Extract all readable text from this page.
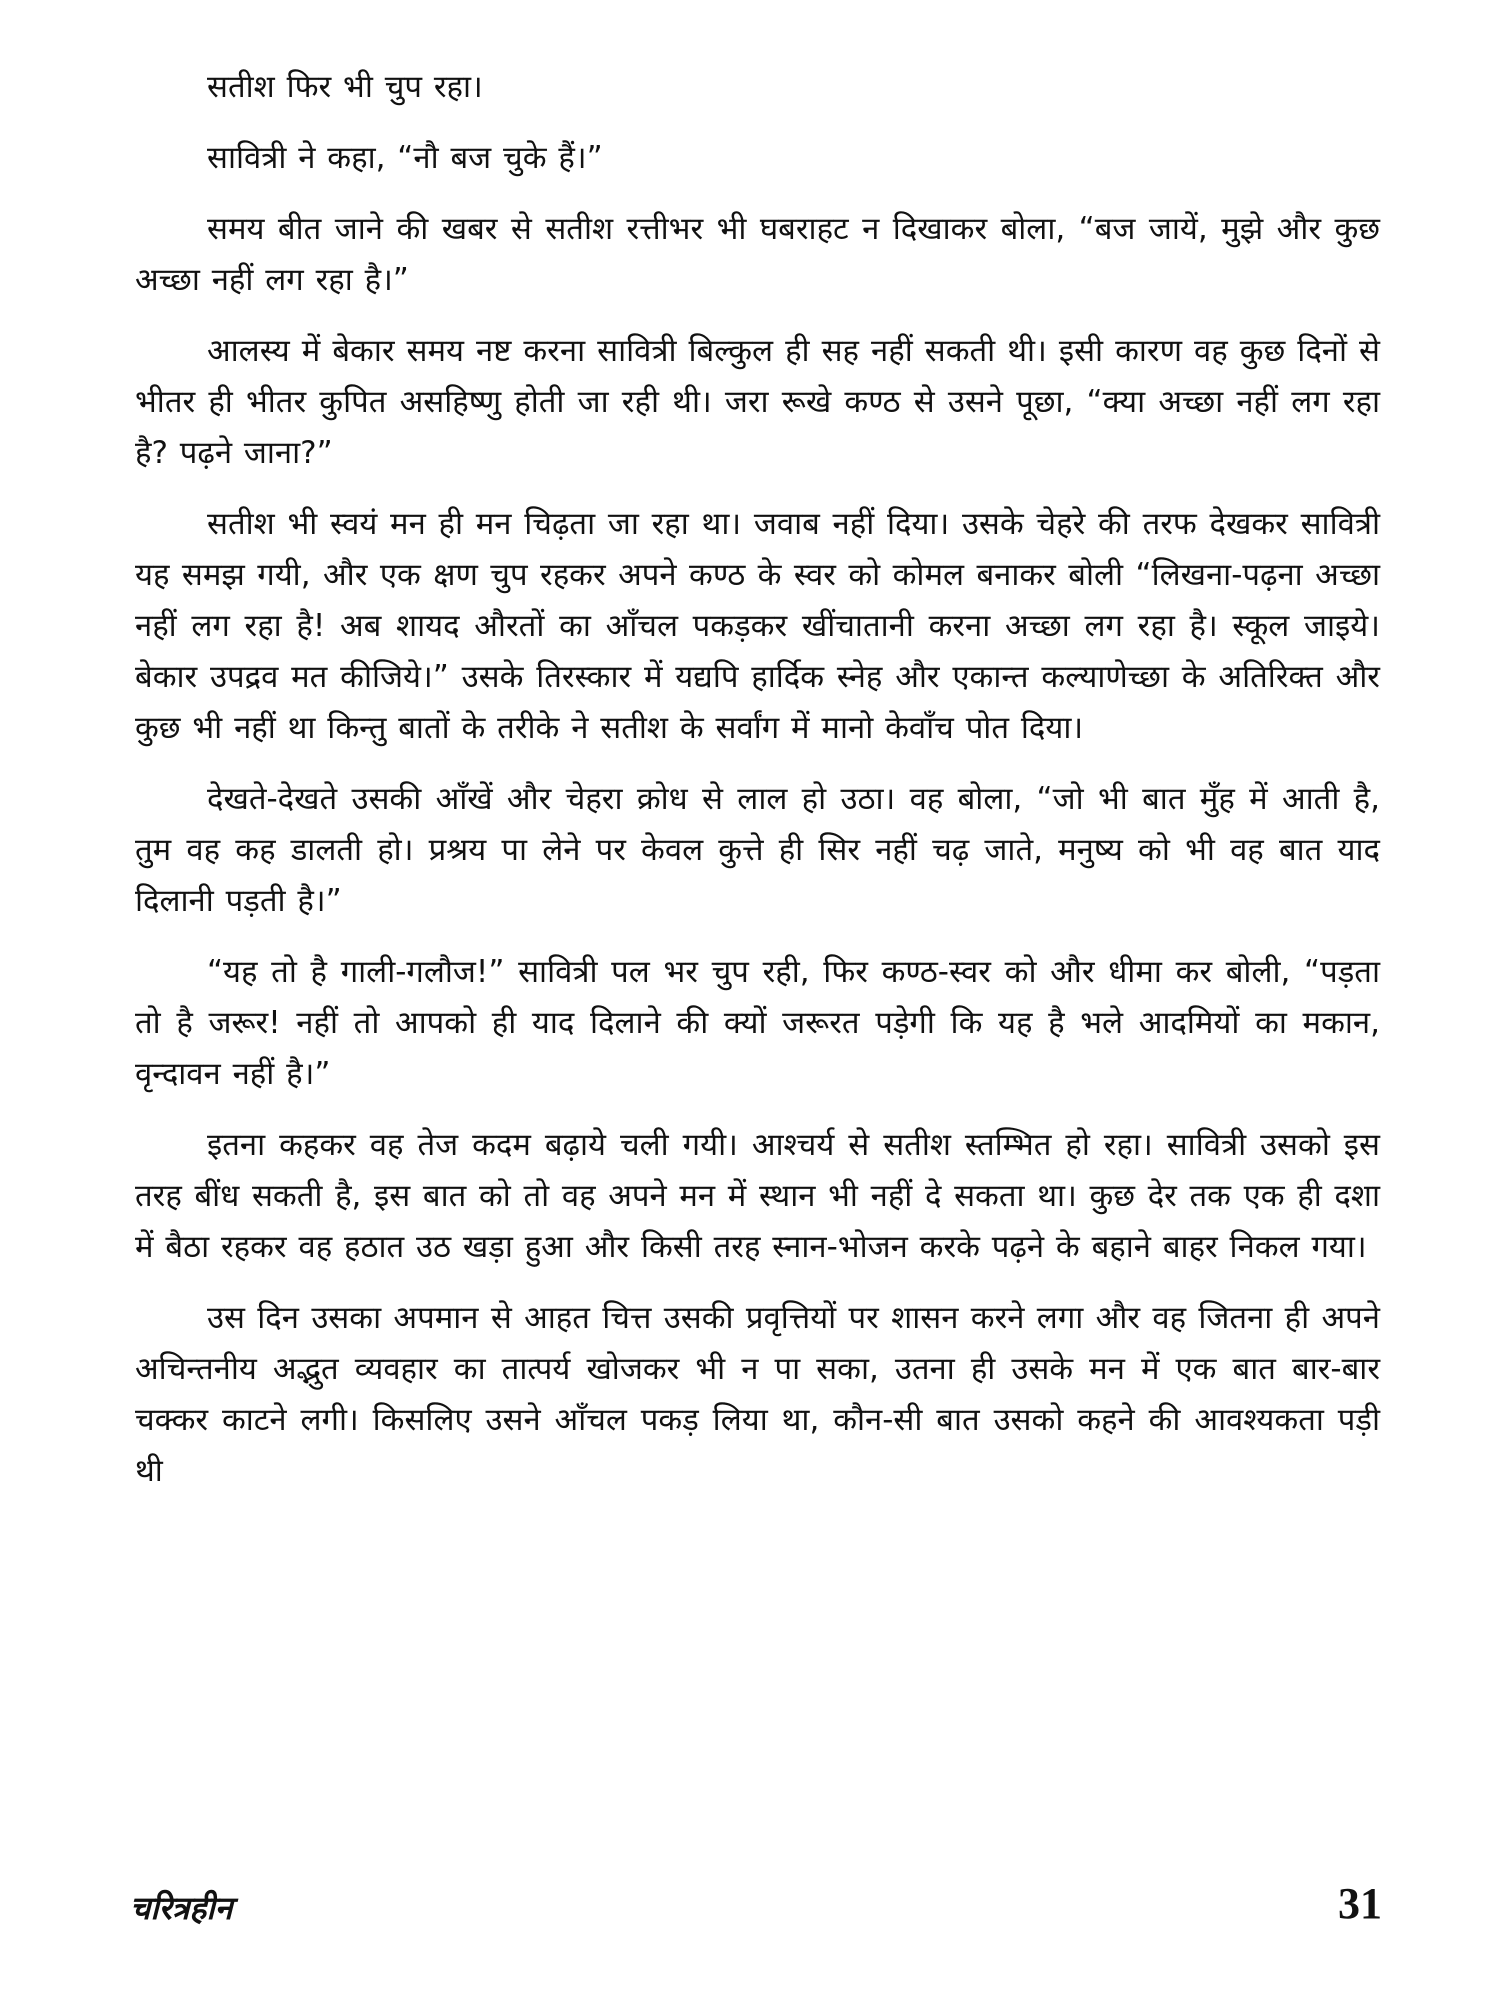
सतीश फिर भी चुप रहा।

सावित्री ने कहा, “नौ बज चुके हैं।”

समय बीत जाने की खबर से सतीश रत्तीभर भी घबराहट न दिखाकर बोला, “बज जायें, मुझे और कुछ अच्छा नहीं लग रहा है।”

आलस्य में बेकार समय नष्ट करना सावित्री बिल्कुल ही सह नहीं सकती थी। इसी कारण वह कुछ दिनों से भीतर ही भीतर कुपित असहिष्णु होती जा रही थी। जरा रूखे कण्ठ से उसने पूछा, “क्या अच्छा नहीं लग रहा है? पढ़ने जाना?”

सतीश भी स्वयं मन ही मन चिढ़ता जा रहा था। जवाब नहीं दिया। उसके चेहरे की तरफ देखकर सावित्री यह समझ गयी, और एक क्षण चुप रहकर अपने कण्ठ के स्वर को कोमल बनाकर बोली “लिखना-पढ़ना अच्छा नहीं लग रहा है! अब शायद औरतों का आँचल पकड़कर खींचातानी करना अच्छा लग रहा है। स्कूल जाइये। बेकार उपद्रव मत कीजिये।” उसके तिरस्कार में यद्यपि हार्दिक स्नेह और एकान्त कल्याणेच्छा के अतिरिक्त और कुछ भी नहीं था किन्तु बातों के तरीके ने सतीश के सर्वांग में मानो केवाँच पोत दिया।

देखते-देखते उसकी आँखें और चेहरा क्रोध से लाल हो उठा। वह बोला, “जो भी बात मुँह में आती है, तुम वह कह डालती हो। प्रश्रय पा लेने पर केवल कुत्ते ही सिर नहीं चढ़ जाते, मनुष्य को भी वह बात याद दिलानी पड़ती है।”

“यह तो है गाली-गलौज!” सावित्री पल भर चुप रही, फिर कण्ठ-स्वर को और धीमा कर बोली, “पड़ता तो है जरूर! नहीं तो आपको ही याद दिलाने की क्यों जरूरत पड़ेगी कि यह है भले आदमियों का मकान, वृन्दावन नहीं है।”

इतना कहकर वह तेज कदम बढ़ाये चली गयी। आश्चर्य से सतीश स्तम्भित हो रहा। सावित्री उसको इस तरह बींध सकती है, इस बात को तो वह अपने मन में स्थान भी नहीं दे सकता था। कुछ देर तक एक ही दशा में बैठा रहकर वह हठात उठ खड़ा हुआ और किसी तरह स्नान-भोजन करके पढ़ने के बहाने बाहर निकल गया।

उस दिन उसका अपमान से आहत चित्त उसकी प्रवृत्तियों पर शासन करने लगा और वह जितना ही अपने अचिन्तनीय अद्भुत व्यवहार का तात्पर्य खोजकर भी न पा सका, उतना ही उसके मन में एक बात बार-बार चक्कर काटने लगी। किसलिए उसने आँचल पकड़ लिया था, कौन-सी बात उसको कहने की आवश्यकता पड़ी थी

चरित्रहीन	31
